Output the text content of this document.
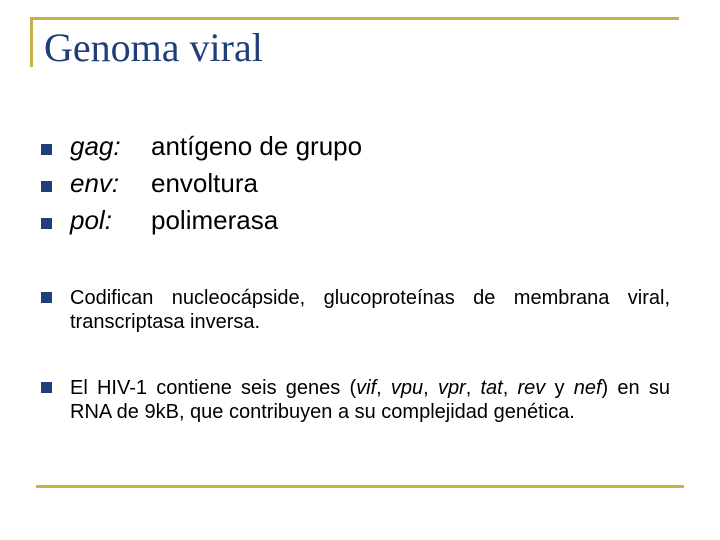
Genoma viral
gag:	antígeno de grupo
env:	envoltura
pol:	polimerasa

Codifican nucleocápside, glucoproteínas de membrana viral, transcriptasa inversa.

El HIV-1 contiene seis genes (vif, vpu, vpr, tat, rev y nef) en su RNA de 9kB, que contribuyen a su complejidad genética.
